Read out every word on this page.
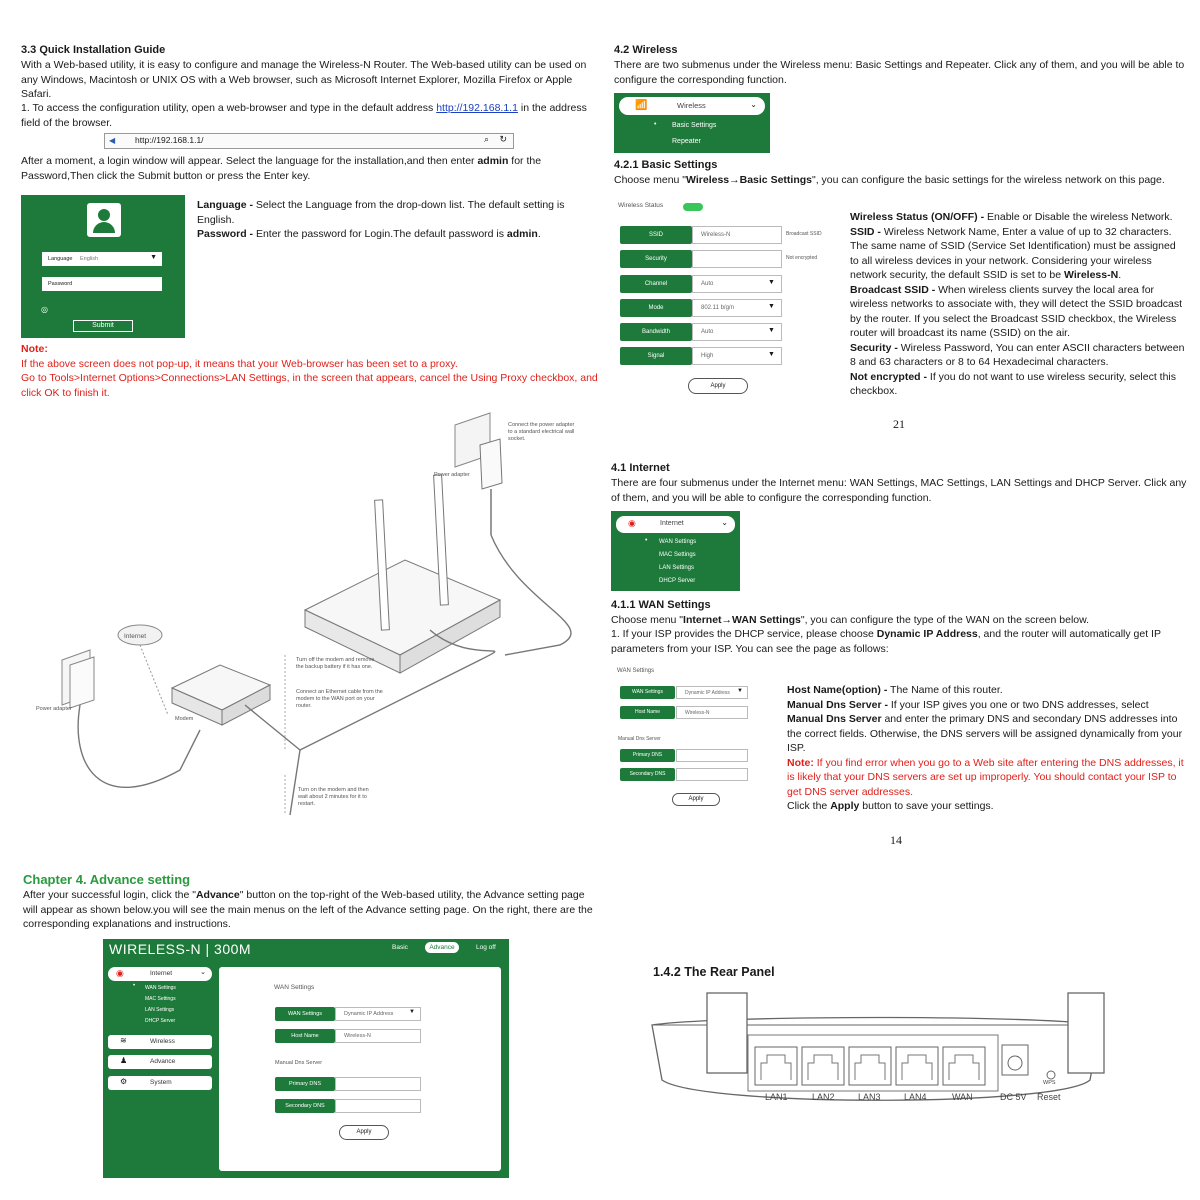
3.3 Quick Installation Guide
With a Web-based utility, it is easy to configure and manage the Wireless-N Router. The Web-based utility can be used on any Windows, Macintosh or UNIX OS with a Web browser, such as Microsoft Internet Explorer, Mozilla Firefox or Apple Safari.
1. To access the configuration utility, open a web-browser and type in the default address http://192.168.1.1 in the address field of the browser.
◀ http://192.168.1.1/	⌕ ↻
After a moment, a login window will appear. Select the language for the installation,and then enter admin for the Password,Then click the Submit button or press the Enter key.
Language English	▼
Password
◎
Submit
Language - Select the Language from the drop-down list. The default setting is English.
Password - Enter the password for Login.The default password is admin.
Note:
If the above screen does not pop-up, it means that your Web-browser has been set to a proxy.
Go to Tools>Internet Options>Connections>LAN Settings, in the screen that appears, cancel the Using Proxy checkbox, and click OK to finish it.
Internet
Connect the power adapter to a standard electrical wall socket.
Power adapter
Turn off the modem and remove the backup battery if it has one.
Connect an Ethernet cable from the modem to the WAN port on your router.
Turn on the modem and then wait about 2 minutes for it to restart.
Modem
Power adapter
4.2 Wireless
There are two submenus under the Wireless menu: Basic Settings and Repeater. Click any of them, and you will be able to configure the corresponding function.
📶	Wireless	⌄
• Basic Settings
Repeater
4.2.1 Basic Settings
Choose menu "Wireless→Basic Settings", you can configure the basic settings for the wireless network on this page.
Wireless Status
SSID	Wireless-N	Broadcast SSID
Security	Not encrypted
Channel	Auto	▼
Mode	802.11 b/g/n	▼
Bandwidth	Auto	▼
Signal	High	▼
Apply
Wireless Status (ON/OFF) - Enable or Disable the wireless Network.
SSID - Wireless Network Name, Enter a value of up to 32 characters. The same name of SSID (Service Set Identification) must be assigned to all wireless devices in your network. Considering your wireless network security, the default SSID is set to be Wireless-N.
Broadcast SSID - When wireless clients survey the local area for wireless networks to associate with, they will detect the SSID broadcast by the router. If you select the Broadcast SSID checkbox, the Wireless router will broadcast its name (SSID) on the air.
Security - Wireless Password, You can enter ASCII characters between 8 and 63 characters or 8 to 64 Hexadecimal characters.
Not encrypted - If you do not want to use wireless security, select this checkbox.
21
4.1 Internet
There are four submenus under the Internet menu: WAN Settings, MAC Settings, LAN Settings and DHCP Server. Click any of them, and you will be able to configure the corresponding function.
◉	Internet	⌄
• WAN Settings
MAC Settings
LAN Settings
DHCP Server
4.1.1 WAN Settings
Choose menu "Internet→WAN Settings", you can configure the type of the WAN on the screen below.
1. If your ISP provides the DHCP service, please choose Dynamic IP Address, and the router will automatically get IP parameters from your ISP. You can see the page as follows:
WAN Settings
WAN Settings	Dynamic IP Address
Host Name	Wireless-N
▼
Manual Dns Server
Primary DNS
Secondary DNS
Apply
Host Name(option) - The Name of this router.
Manual Dns Server - If your ISP gives you one or two DNS addresses, select Manual Dns Server and enter the primary DNS and secondary DNS addresses into the correct fields. Otherwise, the DNS servers will be assigned dynamically from your ISP.
Note: If you find error when you go to a Web site after entering the DNS addresses, it is likely that your DNS servers are set up improperly. You should contact your ISP to get DNS server addresses.
Click the Apply button to save your settings.
14
Chapter 4. Advance setting
After your successful login, click the "Advance" button on the top-right of the Web-based utility, the Advance setting page will appear as shown below.you will see the main menus on the left of the Advance setting page. On the right, there are the corresponding explanations and instructions.
WIRELESS-N | 300M	Basic	Advance	Log off
◉	Internet	⌄
• WAN Settings
MAC Settings
LAN Settings
DHCP Server
≋	Wireless
♟	Advance
⚙	System
WAN Settings
WAN Settings	Dynamic IP Address
Host Name	Wireless-N
▼
Manual Dns Server
Primary DNS
Secondary DNS
Apply
1.4.2 The Rear Panel
WPS
LAN1	LAN2	LAN3	LAN4	WAN	DC 5V Reset
